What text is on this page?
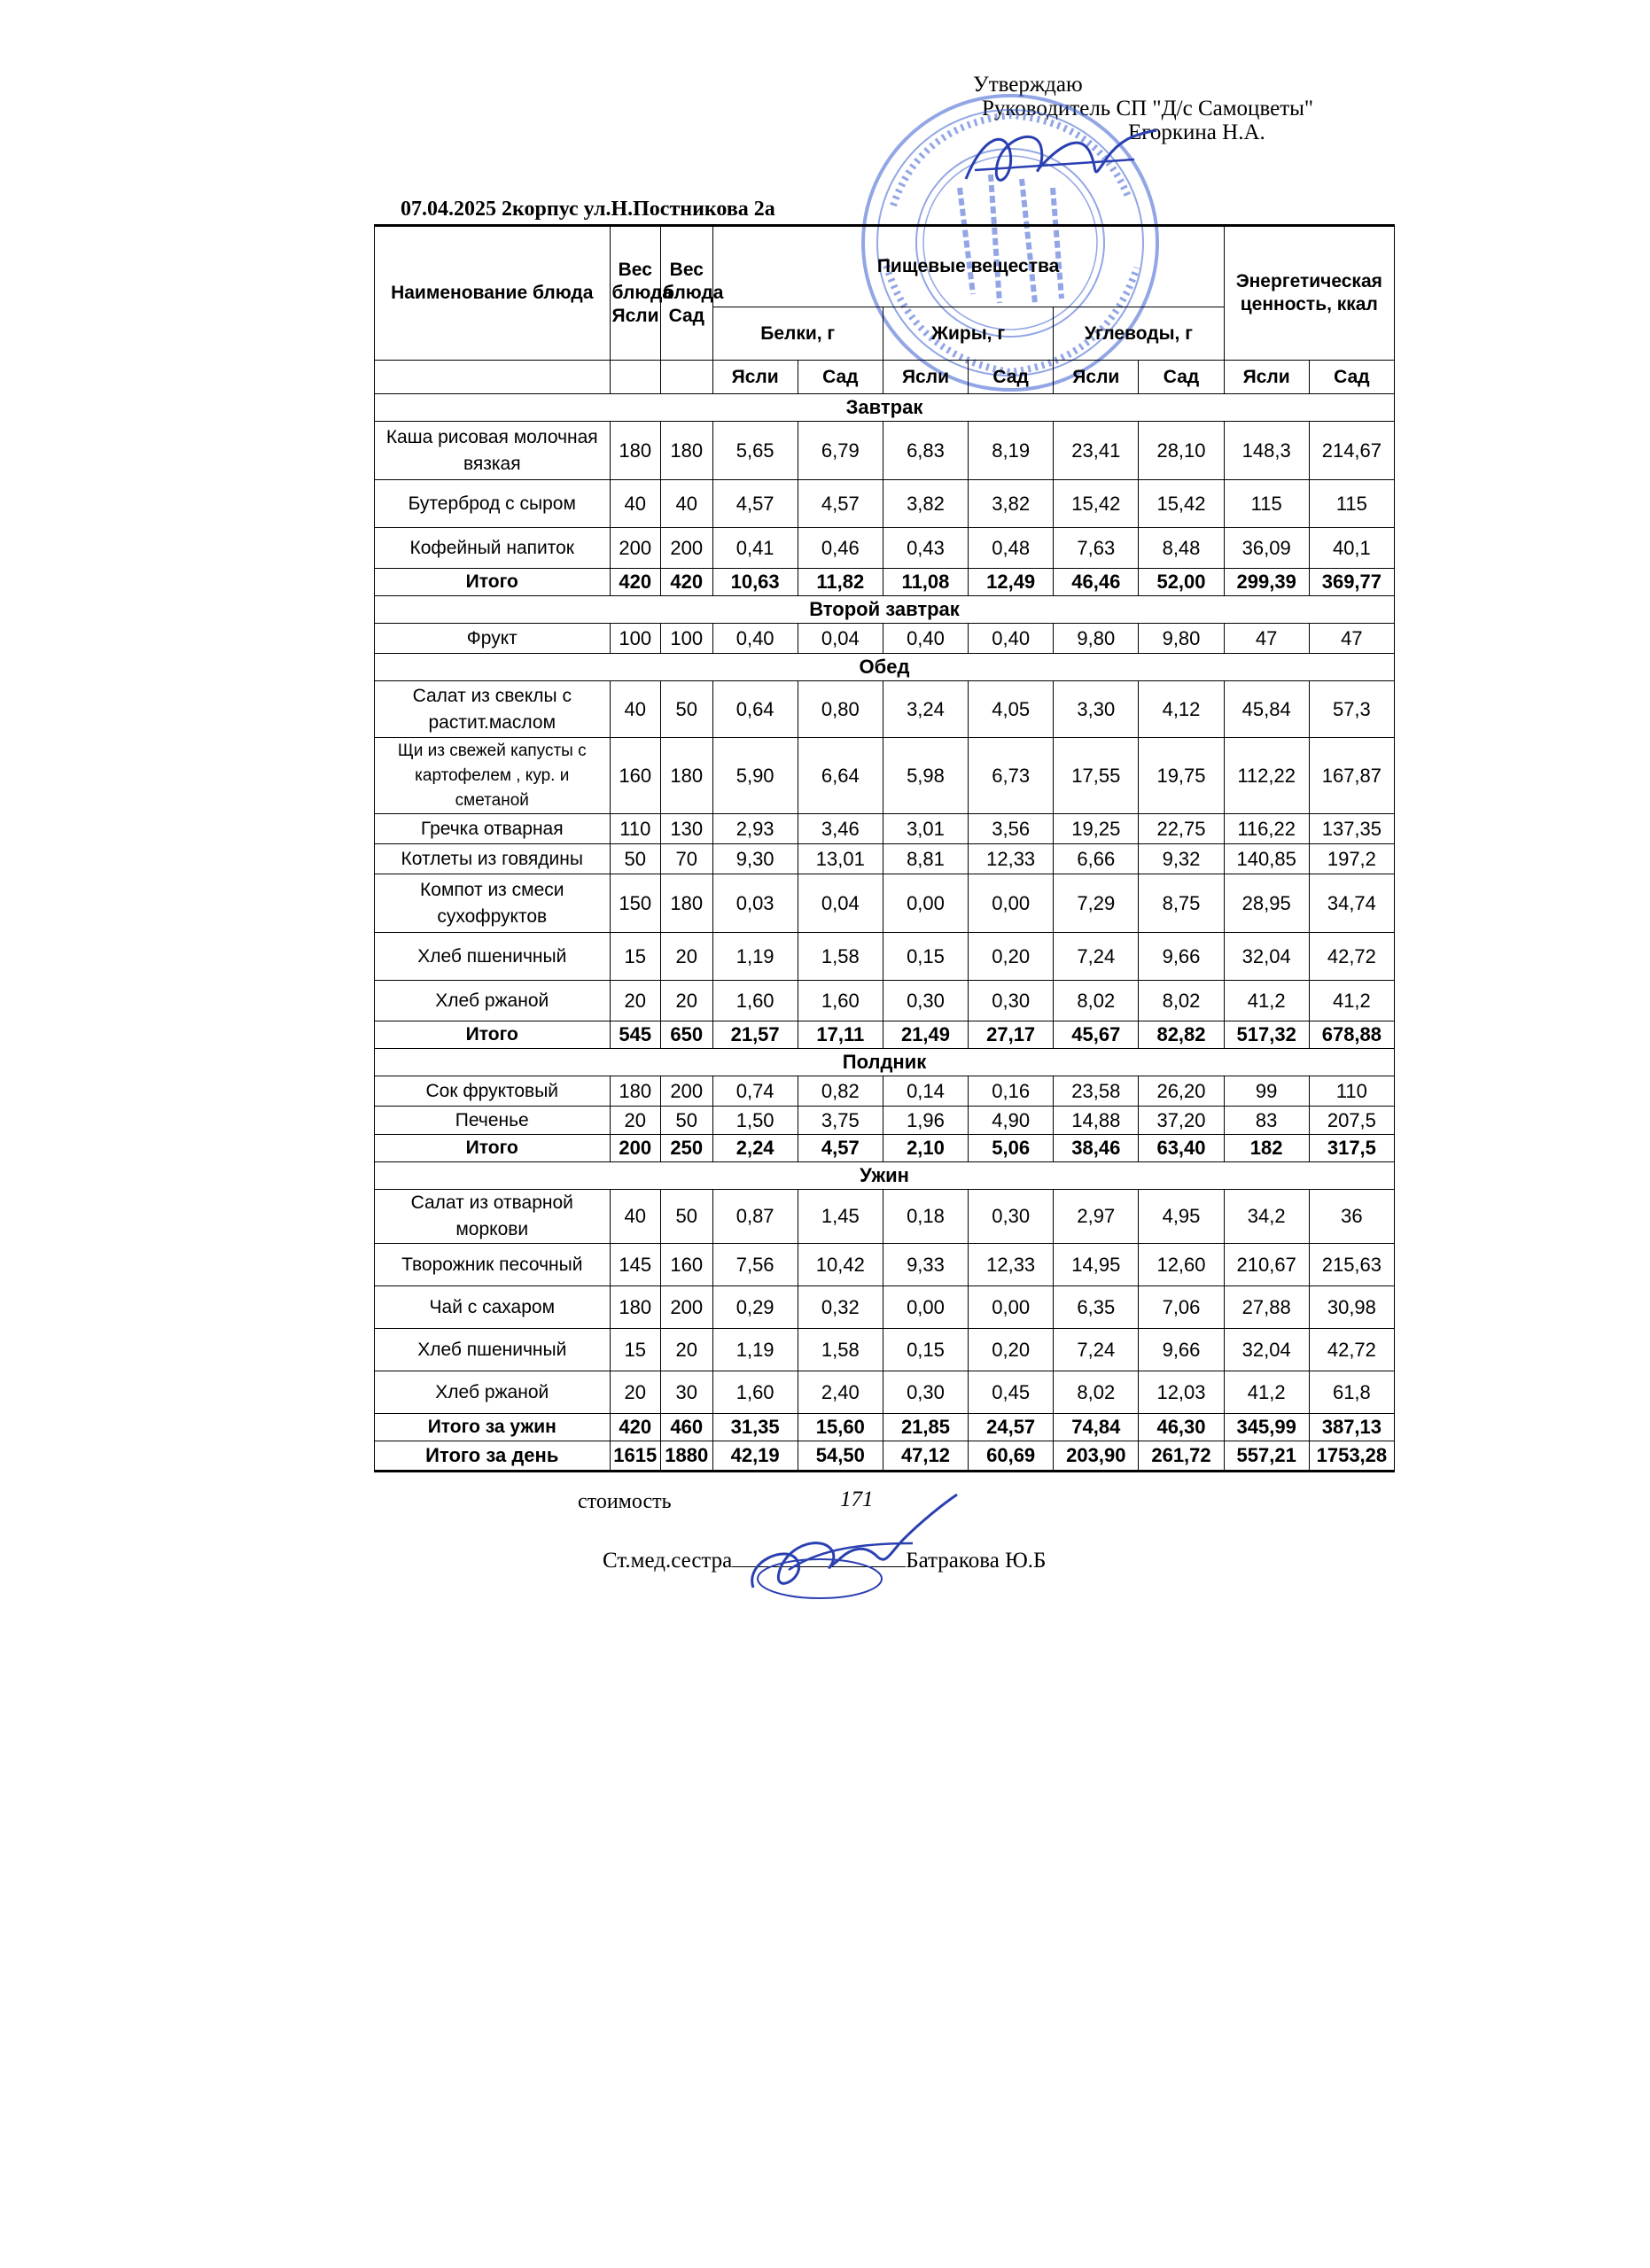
Утверждаю
Руководитель СП "Д/с Самоцветы"
Егоркина Н.А.
07.04.2025 2корпус ул.Н.Постникова 2а
Наименование блюда	Вес блюда Ясли	Вес блюда Сад	Пищевые вещества						Энергетическая ценность, ккал	
			Белки, г		Жиры, г		Углеводы, г			
			Ясли	Сад	Ясли	Сад	Ясли	Сад	Ясли	Сад
Завтрак										
Каша рисовая молочная вязкая	180	180	5,65	6,79	6,83	8,19	23,41	28,10	148,3	214,67
Бутерброд с сыром	40	40	4,57	4,57	3,82	3,82	15,42	15,42	115	115
Кофейный напиток	200	200	0,41	0,46	0,43	0,48	7,63	8,48	36,09	40,1
Итого	420	420	10,63	11,82	11,08	12,49	46,46	52,00	299,39	369,77
Второй завтрак										
Фрукт	100	100	0,40	0,04	0,40	0,40	9,80	9,80	47	47
Обед										
Салат из свеклы с растит.маслом	40	50	0,64	0,80	3,24	4,05	3,30	4,12	45,84	57,3
Щи из свежей капусты с картофелем , кур. и сметаной	160	180	5,90	6,64	5,98	6,73	17,55	19,75	112,22	167,87
Гречка отварная	110	130	2,93	3,46	3,01	3,56	19,25	22,75	116,22	137,35
Котлеты из говядины	50	70	9,30	13,01	8,81	12,33	6,66	9,32	140,85	197,2
Компот из смеси сухофруктов	150	180	0,03	0,04	0,00	0,00	7,29	8,75	28,95	34,74
Хлеб пшеничный	15	20	1,19	1,58	0,15	0,20	7,24	9,66	32,04	42,72
Хлеб ржаной	20	20	1,60	1,60	0,30	0,30	8,02	8,02	41,2	41,2
Итого	545	650	21,57	17,11	21,49	27,17	45,67	82,82	517,32	678,88
Полдник										
Сок фруктовый	180	200	0,74	0,82	0,14	0,16	23,58	26,20	99	110
Печенье	20	50	1,50	3,75	1,96	4,90	14,88	37,20	83	207,5
Итого	200	250	2,24	4,57	2,10	5,06	38,46	63,40	182	317,5
Ужин										
Салат из отварной моркови	40	50	0,87	1,45	0,18	0,30	2,97	4,95	34,2	36
Творожник песочный	145	160	7,56	10,42	9,33	12,33	14,95	12,60	210,67	215,63
Чай с сахаром	180	200	0,29	0,32	0,00	0,00	6,35	7,06	27,88	30,98
Хлеб пшеничный	15	20	1,19	1,58	0,15	0,20	7,24	9,66	32,04	42,72
Хлеб ржаной	20	30	1,60	2,40	0,30	0,45	8,02	12,03	41,2	61,8
Итого за ужин	420	460	31,35	15,60	21,85	24,57	74,84	46,30	345,99	387,13
Итого за день	1615	1880	42,19	54,50	47,12	60,69	203,90	261,72	557,21	1753,28
стоимость	171
Ст.мед.сестра	Батракова Ю.Б
